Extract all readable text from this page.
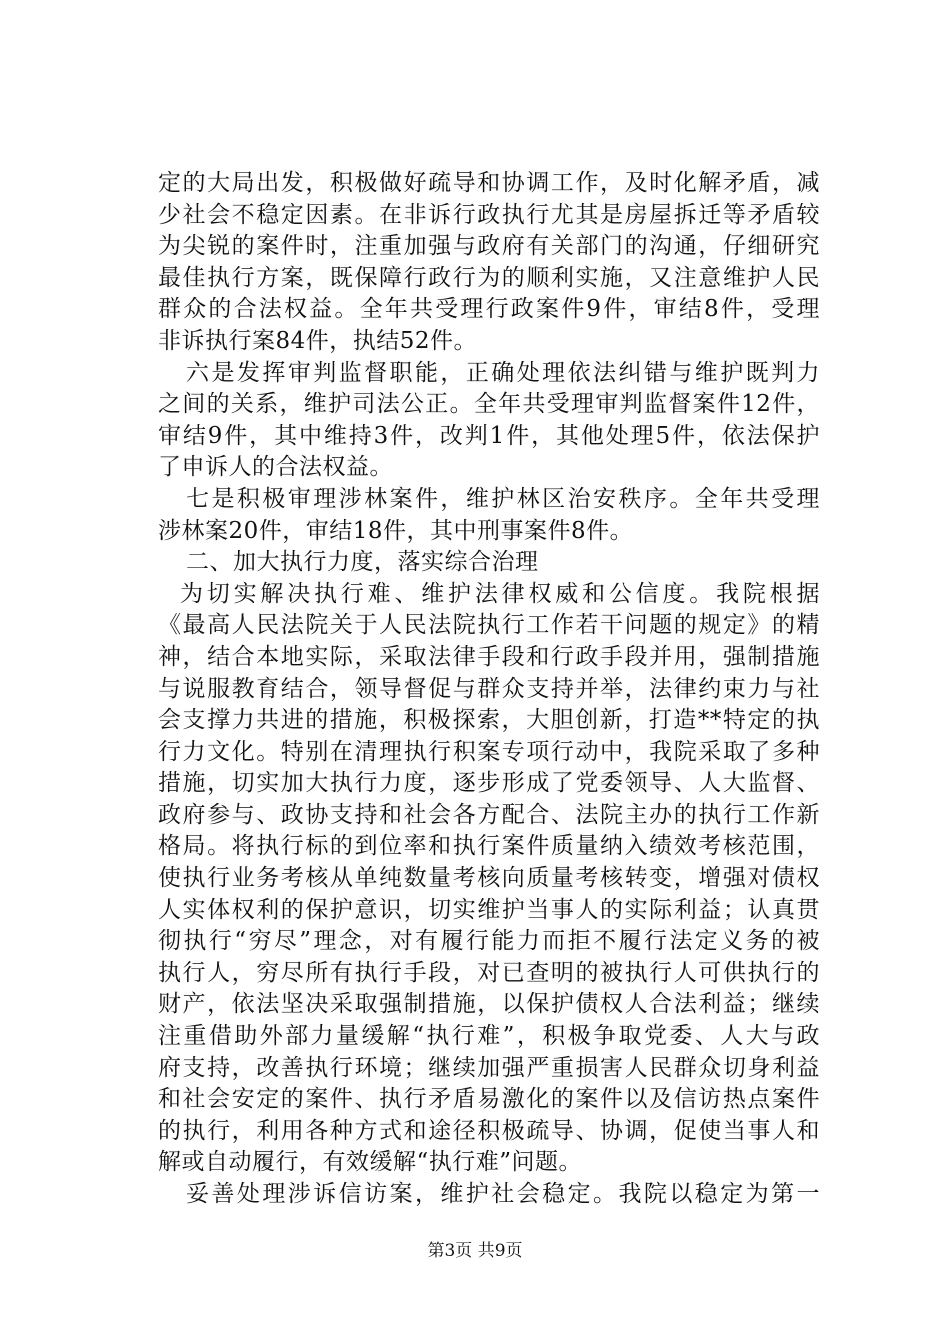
定的大局出发，积极做好疏导和协调工作，及时化解矛盾，减
少社会不稳定因素。在非诉行政执行尤其是房屋拆迁等矛盾较
为尖锐的案件时，注重加强与政府有关部门的沟通，仔细研究
最佳执行方案，既保障行政行为的顺利实施，又注意维护人民
群众的合法权益。全年共受理行政案件9件，审结8件，受理
非诉执行案84件，执结52件。
六是发挥审判监督职能，正确处理依法纠错与维护既判力
之间的关系，维护司法公正。全年共受理审判监督案件12件，
审结9件，其中维持3件，改判1件，其他处理5件，依法保护
了申诉人的合法权益。
七是积极审理涉林案件，维护林区治安秩序。全年共受理
涉林案20件，审结18件，其中刑事案件8件。
二、加大执行力度，落实综合治理
为切实解决执行难、维护法律权威和公信度。我院根据
《最高人民法院关于人民法院执行工作若干问题的规定》的精
神，结合本地实际，采取法律手段和行政手段并用，强制措施
与说服教育结合，领导督促与群众支持并举，法律约束力与社
会支撑力共进的措施，积极探索，大胆创新，打造**特定的执
行力文化。特别在清理执行积案专项行动中，我院采取了多种
措施，切实加大执行力度，逐步形成了党委领导、人大监督、
政府参与、政协支持和社会各方配合、法院主办的执行工作新
格局。将执行标的到位率和执行案件质量纳入绩效考核范围，
使执行业务考核从单纯数量考核向质量考核转变，增强对债权
人实体权利的保护意识，切实维护当事人的实际利益；认真贯
彻执行“穷尽”理念，对有履行能力而拒不履行法定义务的被
执行人，穷尽所有执行手段，对已查明的被执行人可供执行的
财产，依法坚决采取强制措施，以保护债权人合法利益；继续
注重借助外部力量缓解“执行难”，积极争取党委、人大与政
府支持，改善执行环境；继续加强严重损害人民群众切身利益
和社会安定的案件、执行矛盾易激化的案件以及信访热点案件
的执行，利用各种方式和途径积极疏导、协调，促使当事人和
解或自动履行，有效缓解“执行难”问题。
妥善处理涉诉信访案，维护社会稳定。我院以稳定为第一
第3页 共9页
